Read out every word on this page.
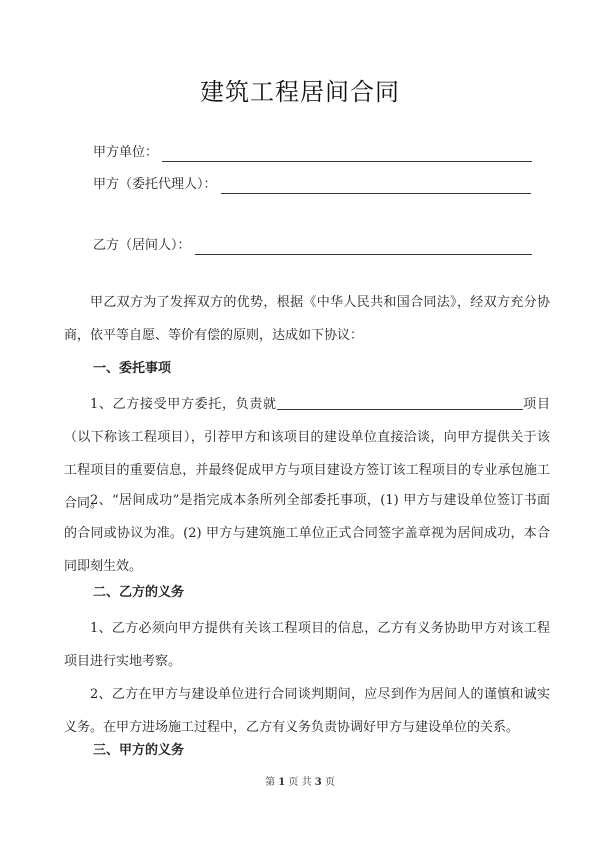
建筑工程居间合同
甲方单位：
甲方（委托代理人）：
乙方（居间人）：

甲乙双方为了发挥双方的优势，根据《中华人民共和国合同法》，经双方充分协商，依平等自愿、等价有偿的原则，达成如下协议：

一、委托事项

1、乙方接受甲方委托，负责就	项目（以下称该工程项目），引荐甲方和该项目的建设单位直接洽谈，向甲方提供关于该工程项目的重要信息，并最终促成甲方与项目建设方签订该工程项目的专业承包施工合同。

2、“居间成功”是指完成本条所列全部委托事项，(1) 甲方与建设单位签订书面的合同或协议为准。(2) 甲方与建筑施工单位正式合同签字盖章视为居间成功，本合同即刻生效。

二、乙方的义务

1、乙方必须向甲方提供有关该工程项目的信息，乙方有义务协助甲方对该工程项目进行实地考察。

2、乙方在甲方与建设单位进行合同谈判期间，应尽到作为居间人的谨慎和诚实义务。在甲方进场施工过程中，乙方有义务负责协调好甲方与建设单位的关系。

三、甲方的义务

第 1 页 共 3 页
